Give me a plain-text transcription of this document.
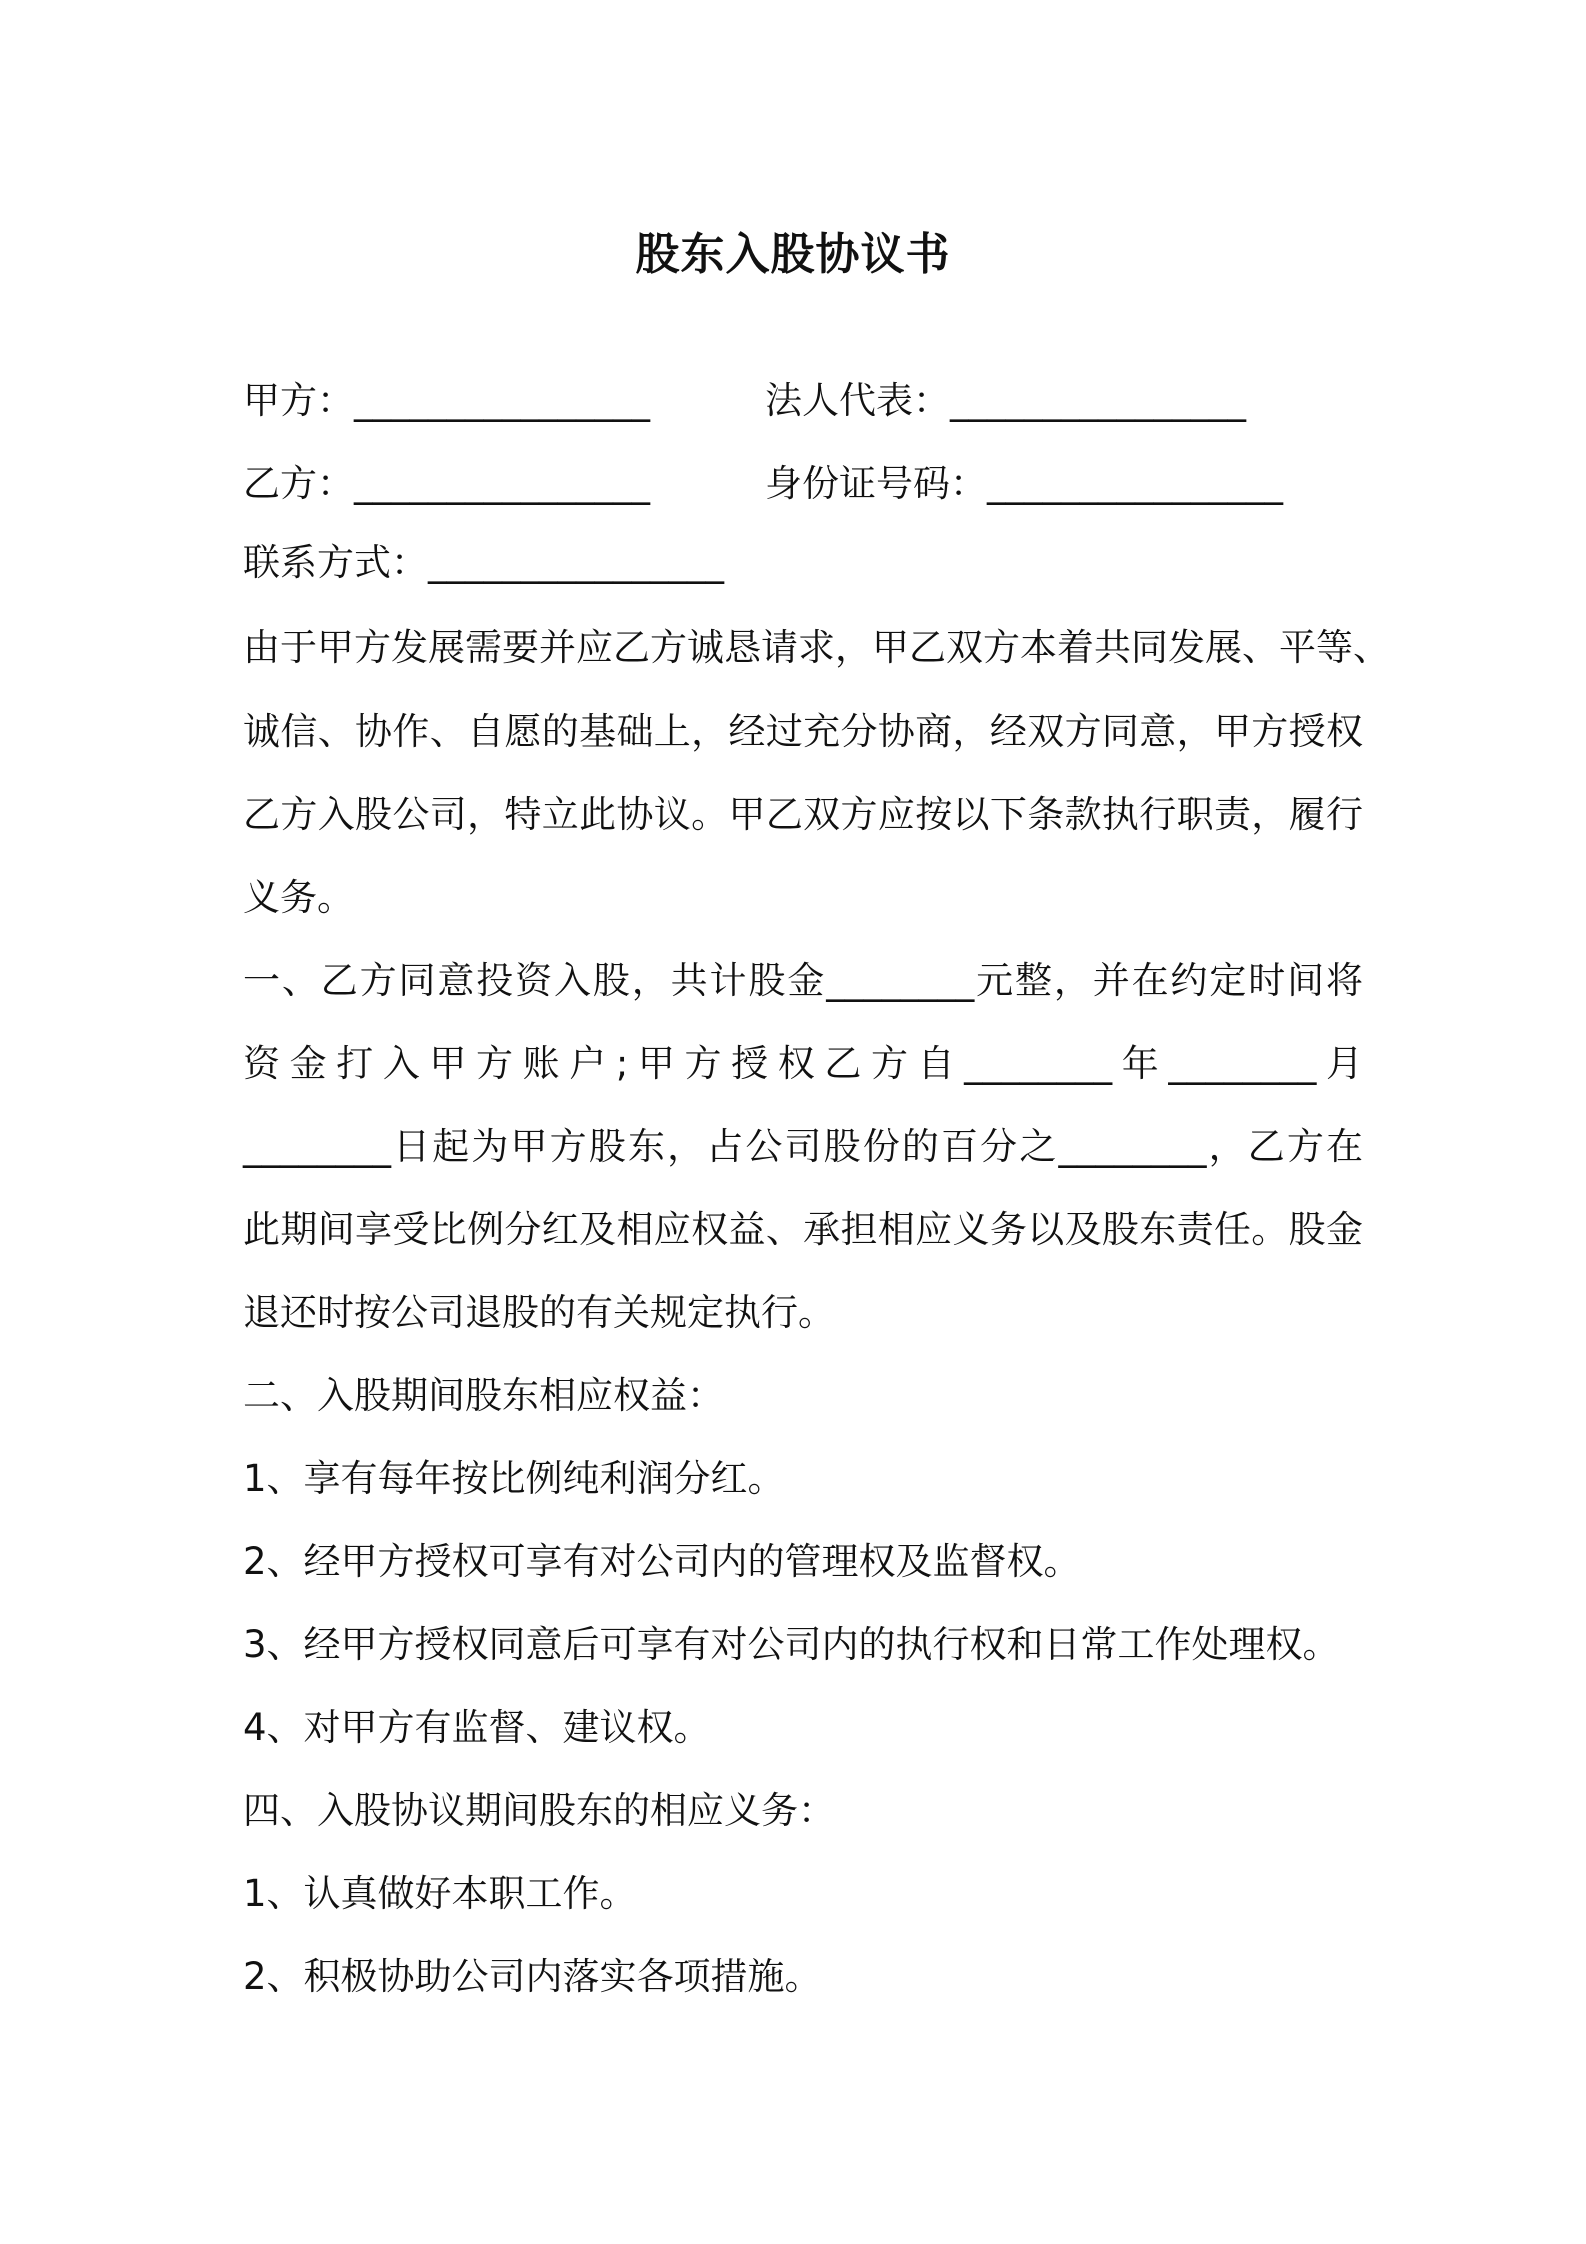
股东入股协议书
甲方：________________	法人代表：________________
乙方：________________	身份证号码：________________
联系方式：________________
由于甲方发展需要并应乙方诚恳请求，甲乙双方本着共同发展、平等、
诚信、协作、自愿的基础上，经过充分协商，经双方同意，甲方授权
乙方入股公司，特立此协议。甲乙双方应按以下条款执行职责，履行
义务。
一、乙方同意投资入股，共计股金________元整，并在约定时间将
资金打入甲方账户;甲方授权乙方自________年________月
________日起为甲方股东，占公司股份的百分之________，乙方在
此期间享受比例分红及相应权益、承担相应义务以及股东责任。股金
退还时按公司退股的有关规定执行。
二、入股期间股东相应权益：
1、享有每年按比例纯利润分红。
2、经甲方授权可享有对公司内的管理权及监督权。
3、经甲方授权同意后可享有对公司内的执行权和日常工作处理权。
4、对甲方有监督、建议权。
四、入股协议期间股东的相应义务：
1、认真做好本职工作。
2、积极协助公司内落实各项措施。
